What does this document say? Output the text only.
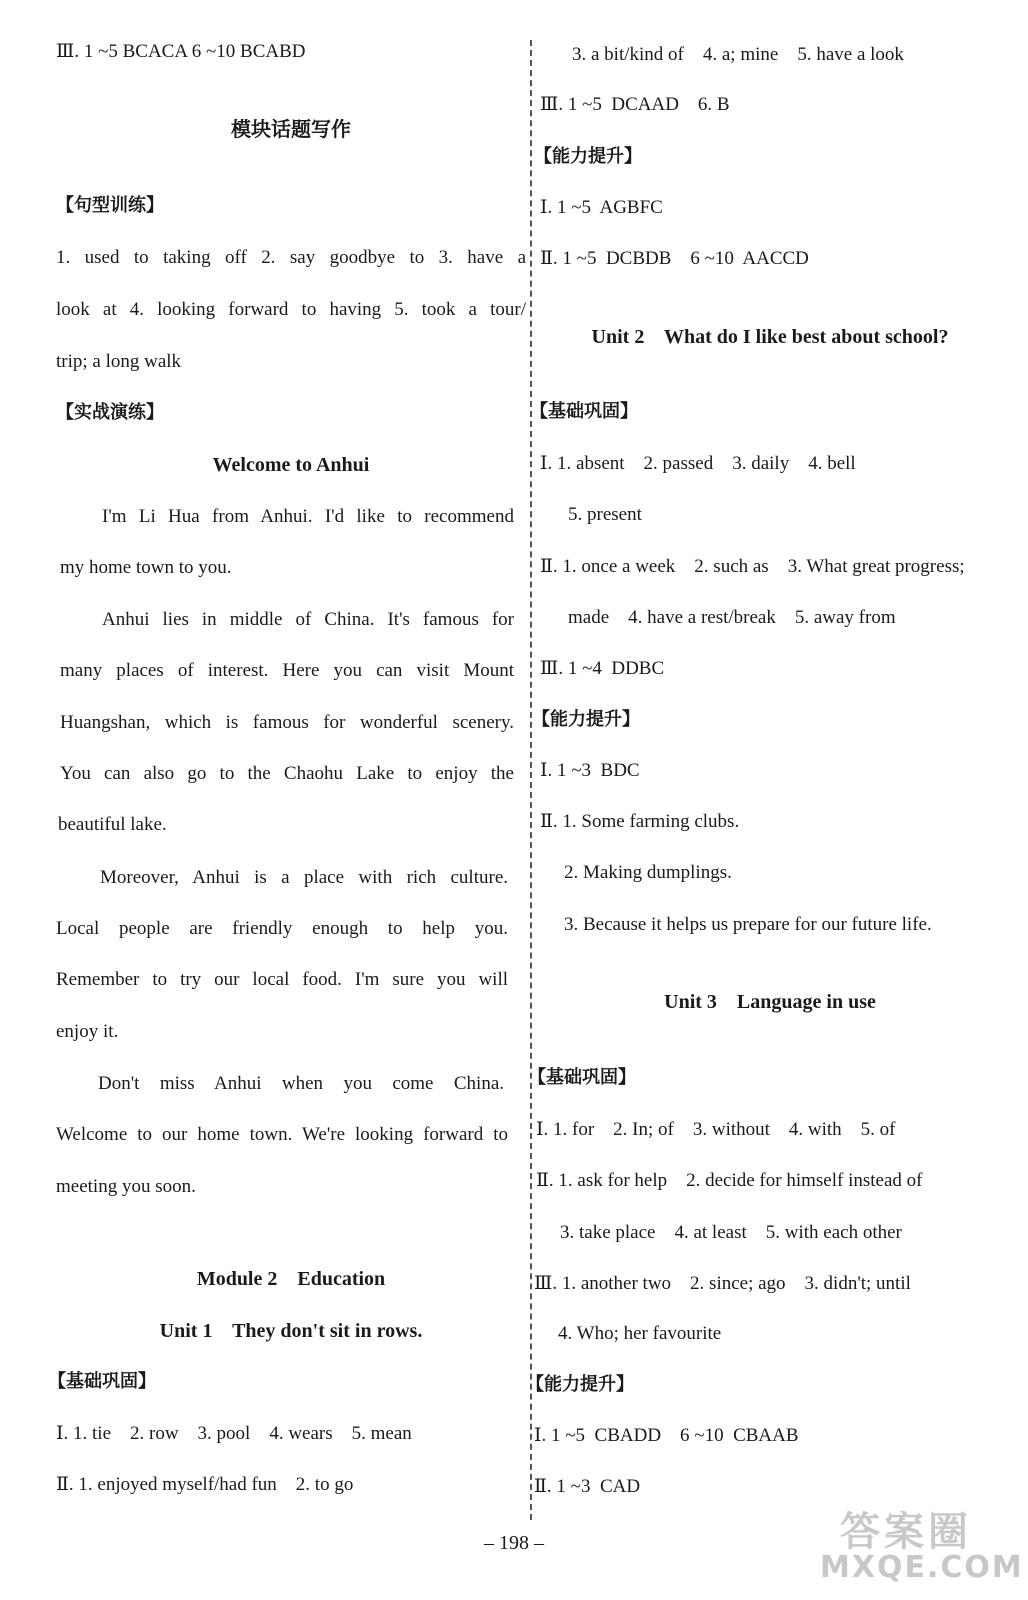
Ⅲ. 1 ~5 BCACA 6 ~10 BCABD
模块话题写作
【句型训练】
1. used to taking off 2. say goodbye to 3. have a
look at 4. looking forward to having 5. took a tour/
trip; a long walk
【实战演练】
Welcome to Anhui
I'm Li Hua from Anhui. I'd like to recommend
my home town to you.
Anhui lies in middle of China. It's famous for
many places of interest. Here you can visit Mount
Huangshan, which is famous for wonderful scenery.
You can also go to the Chaohu Lake to enjoy the
beautiful lake.
Moreover, Anhui is a place with rich culture.
Local people are friendly enough to help you.
Remember to try our local food. I'm sure you will
enjoy it.
Don't miss Anhui when you come China.
Welcome to our home town. We're looking forward to
meeting you soon.
Module 2    Education
Unit 1    They don't sit in rows.
【基础巩固】
Ⅰ. 1. tie    2. row    3. pool    4. wears    5. mean
Ⅱ. 1. enjoyed myself/had fun    2. to go
3. a bit/kind of    4. a; mine    5. have a look
Ⅲ. 1 ~5  DCAAD    6. B
【能力提升】
Ⅰ. 1 ~5  AGBFC
Ⅱ. 1 ~5  DCBDB    6 ~10  AACCD
Unit 2    What do I like best about school?
【基础巩固】
Ⅰ. 1. absent    2. passed    3. daily    4. bell
5. present
Ⅱ. 1. once a week    2. such as    3. What great progress;
made    4. have a rest/break    5. away from
Ⅲ. 1 ~4  DDBC
【能力提升】
Ⅰ. 1 ~3  BDC
Ⅱ. 1. Some farming clubs.
2. Making dumplings.
3. Because it helps us prepare for our future life.
Unit 3    Language in use
【基础巩固】
Ⅰ. 1. for    2. In; of    3. without    4. with    5. of
Ⅱ. 1. ask for help    2. decide for himself instead of
3. take place    4. at least    5. with each other
Ⅲ. 1. another two    2. since; ago    3. didn't; until
4. Who; her favourite
【能力提升】
Ⅰ. 1 ~5  CBADD    6 ~10  CBAAB
Ⅱ. 1 ~3  CAD
– 198 –	答案圈
MXQE.COM
